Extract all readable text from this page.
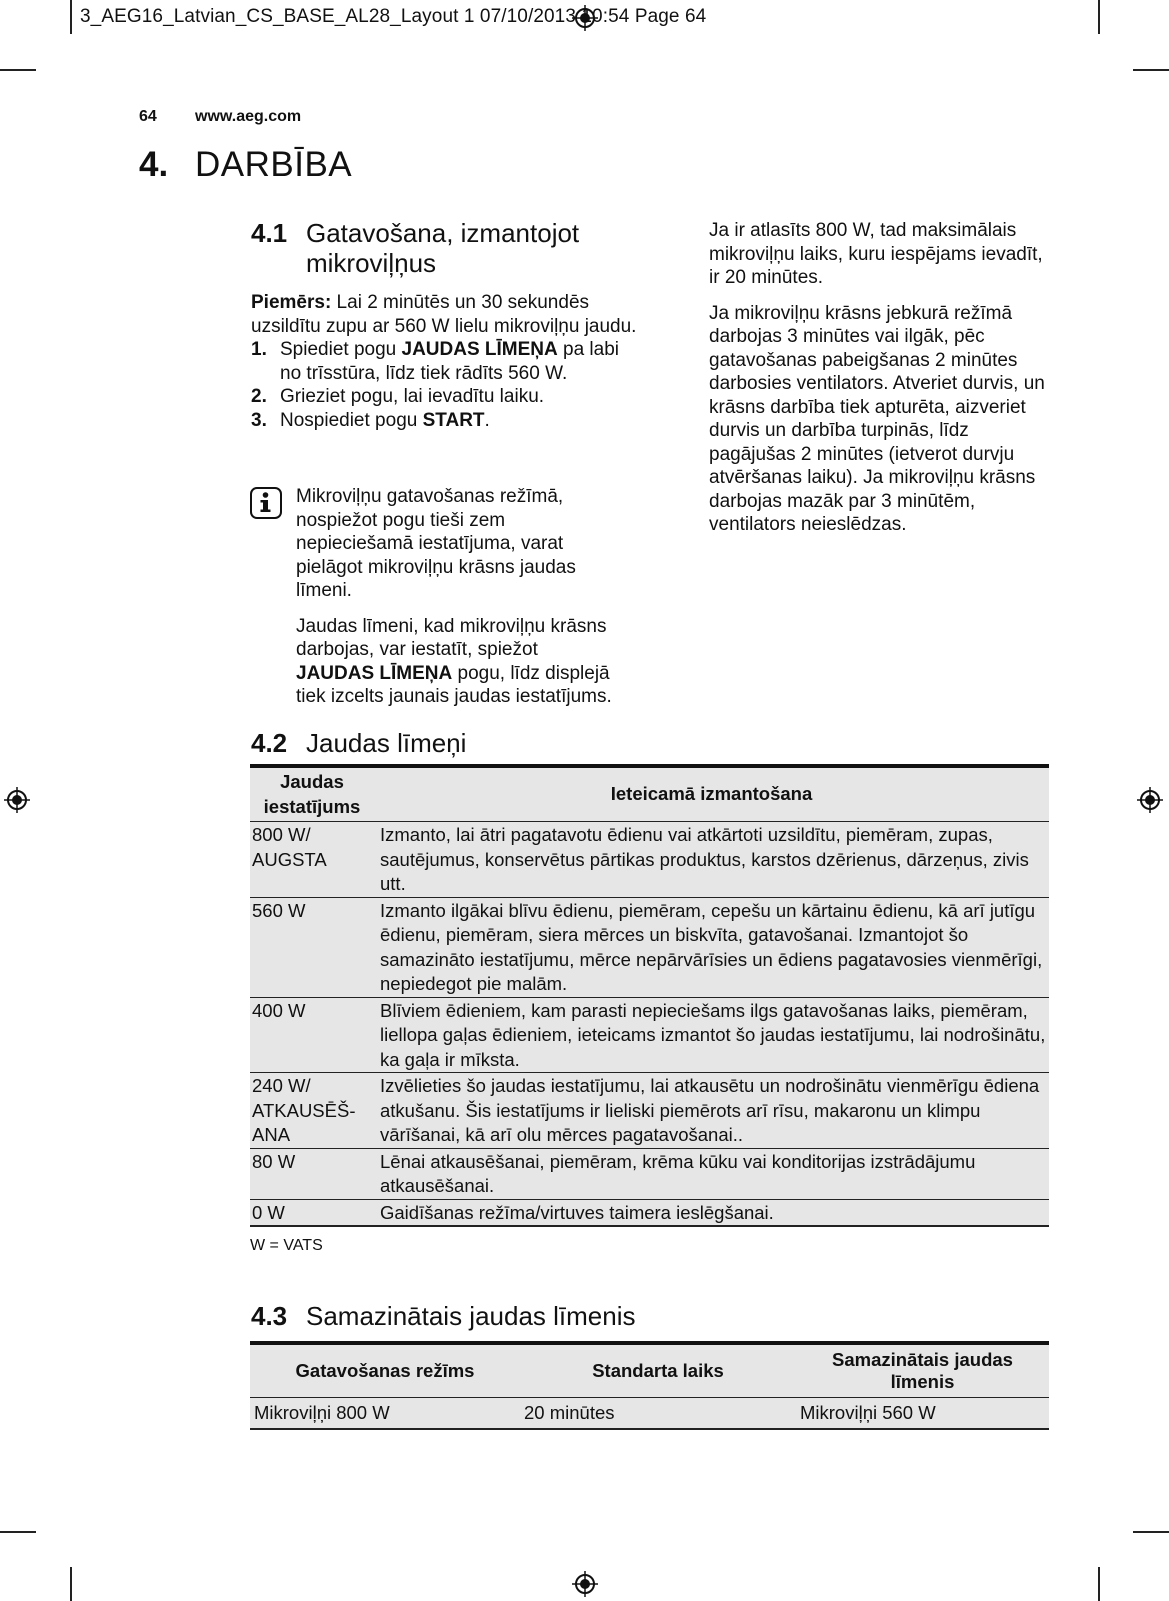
3_AEG16_Latvian_CS_BASE_AL28_Layout 1 07/10/2013 10:54 Page 64
64 www.aeg.com
4. DARBĪBA
4.1 Gatavošana, izmantojot
mikroviļņus

Piemērs: Lai 2 minūtēs un 30 sekundēs uzsildītu zupu ar 560 W lielu mikroviļņu jaudu.

1. Spiediet pogu JAUDAS LĪMEŅA pa labi no trīsstūra, līdz tiek rādīts 560 W.
2. Grieziet pogu, lai ievadītu laiku.
3. Nospiediet pogu START.

Mikroviļņu gatavošanas režīmā, nospiežot pogu tieši zem nepieciešamā iestatījuma, varat pielāgot mikroviļņu krāsns jaudas līmeni.

Jaudas līmeni, kad mikroviļņu krāsns darbojas, var iestatīt, spiežot JAUDAS LĪMEŅA pogu, līdz displejā tiek izcelts jaunais jaudas iestatījums.

Ja ir atlasīts 800 W, tad maksimālais mikroviļņu laiks, kuru iespējams ievadīt, ir 20 minūtes.

Ja mikroviļņu krāsns jebkurā režīmā darbojas 3 minūtes vai ilgāk, pēc gatavošanas pabeigšanas 2 minūtes darbosies ventilators. Atveriet durvis, un krāsns darbība tiek apturēta, aizveriet durvis un darbība turpinās, līdz pagājušas 2 minūtes (ietverot durvju atvēršanas laiku). Ja mikroviļņu krāsns darbojas mazāk par 3 minūtēm, ventilators neieslēdzas.

4.2 Jaudas līmeņi
Jaudas iestatījums	Ieteicamā izmantošana
800 W/ AUGSTA	Izmanto, lai ātri pagatavotu ēdienu vai atkārtoti uzsildītu, piemēram, zupas, sautējumus, konservētus pārtikas produktus, karstos dzērienus, dārzeņus, zivis utt.
560 W	Izmanto ilgākai blīvu ēdienu, piemēram, cepešu un kārtainu ēdienu, kā arī jutīgu ēdienu, piemēram, siera mērces un biskvīta, gatavošanai. Izmantojot šo samazināto iestatījumu, mērce nepārvārīsies un ēdiens pagatavosies vienmērīgi, nepiedegot pie malām.
400 W	Blīviem ēdieniem, kam parasti nepieciešams ilgs gatavošanas laiks, piemēram, liellopa gaļas ēdieniem, ieteicams izmantot šo jaudas iestatījumu, lai nodrošinātu, ka gaļa ir mīksta.
240 W/ ATKAUSĒŠ- ANA	Izvēlieties šo jaudas iestatījumu, lai atkausētu un nodrošinātu vienmērīgu ēdiena atkušanu. Šis iestatījums ir lieliski piemērots arī rīsu, makaronu un klimpu vārīšanai, kā arī olu mērces pagatavošanai..
80 W	Lēnai atkausēšanai, piemēram, krēma kūku vai konditorijas izstrādājumu atkausēšanai.
0 W	Gaidīšanas režīma/virtuves taimera ieslēgšanai.
W = VATS
4.3 Samazinātais jaudas līmenis
Gatavošanas režīms	Standarta laiks	Samazinātais jaudas līmenis
Mikroviļņi 800 W	20 minūtes	Mikroviļņi 560 W
